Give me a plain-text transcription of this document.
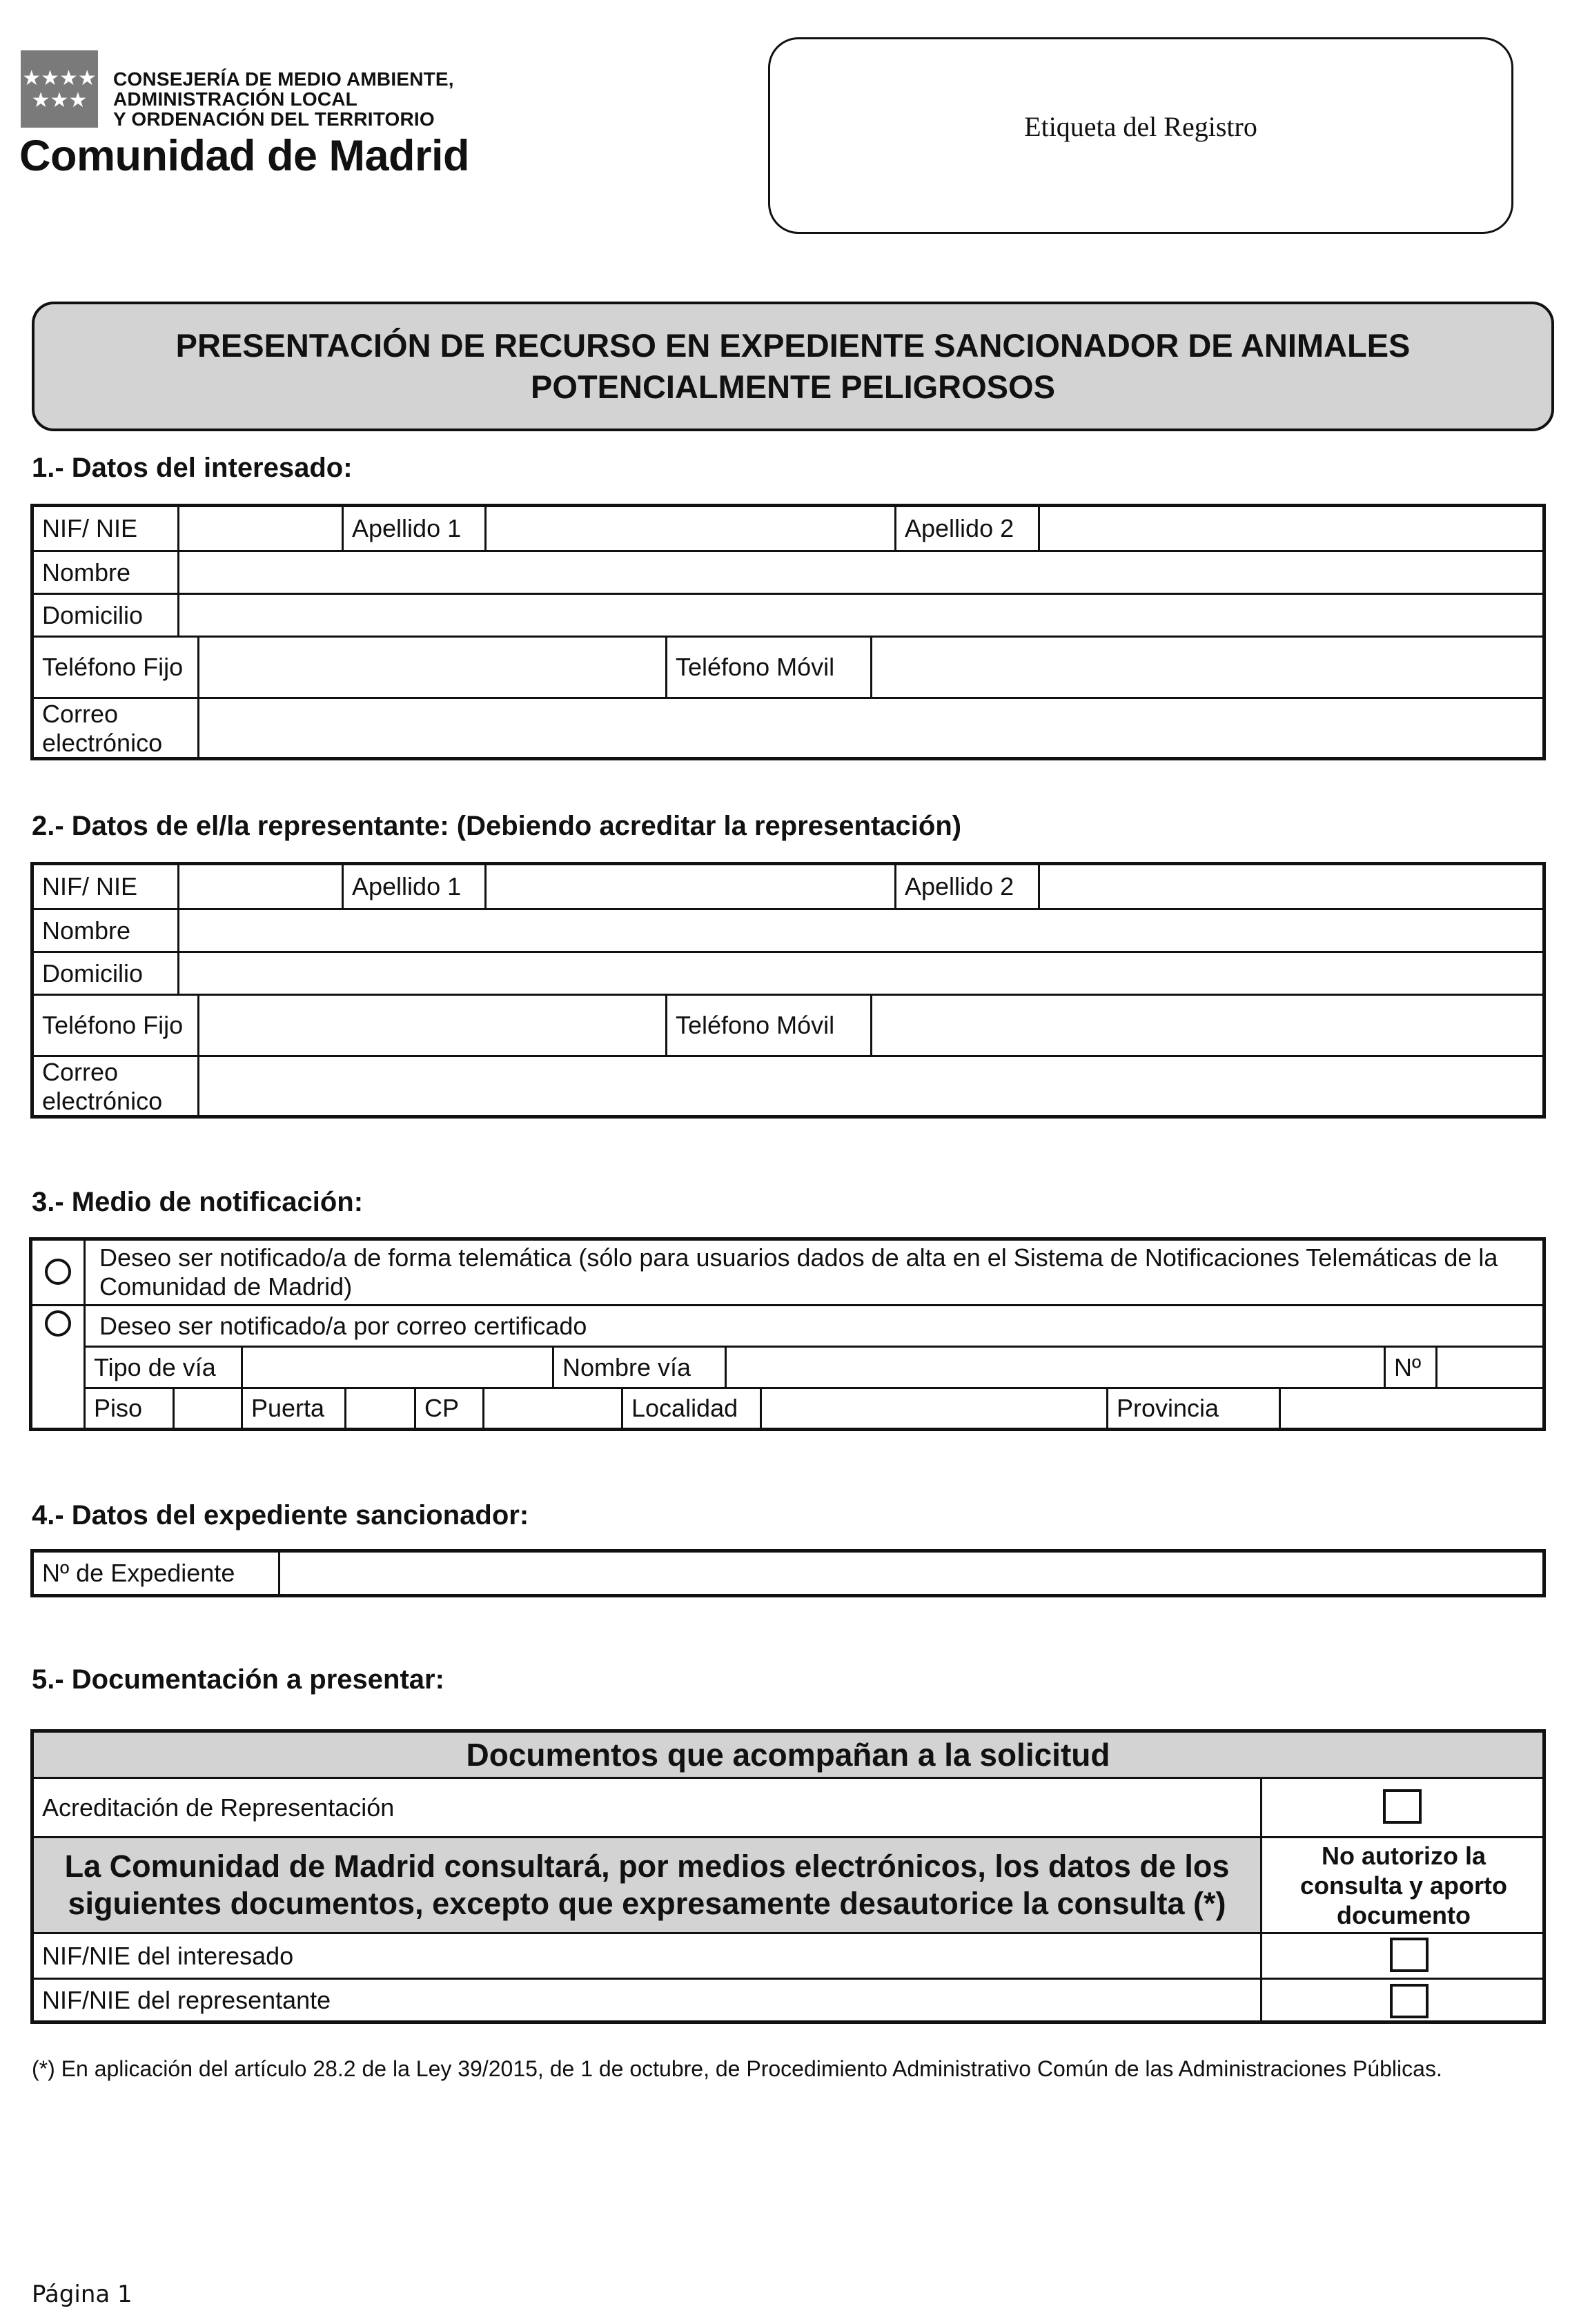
★★★★
★★★
CONSEJERÍA DE MEDIO AMBIENTE,
ADMINISTRACIÓN LOCAL
Y ORDENACIÓN DEL TERRITORIO
Comunidad de Madrid
Etiqueta del Registro
PRESENTACIÓN DE RECURSO EN EXPEDIENTE SANCIONADOR DE ANIMALES
POTENCIALMENTE PELIGROSOS
1.- Datos del interesado:
NIF/ NIE	Apellido 1	Apellido 2
Nombre
Domicilio
Teléfono Fijo	Teléfono Móvil
Correo electrónico
2.- Datos de el/la representante: (Debiendo acreditar la representación)
NIF/ NIE	Apellido 1	Apellido 2
Nombre
Domicilio
Teléfono Fijo	Teléfono Móvil
Correo electrónico
3.- Medio de notificación:
Deseo ser notificado/a de forma telemática (sólo para usuarios dados de alta en el Sistema de Notificaciones Telemáticas de la Comunidad de Madrid)
Deseo ser notificado/a por correo certificado
Tipo de vía	Nombre vía	Nº
Piso	Puerta	CP	Localidad	Provincia
4.- Datos del expediente sancionador:
Nº de Expediente
5.- Documentación a presentar:
Documentos que acompañan a la solicitud
Acreditación de Representación
La Comunidad de Madrid consultará, por medios electrónicos, los datos de los siguientes documentos, excepto que expresamente desautorice la consulta (*)
No autorizo la consulta y aporto documento
NIF/NIE del interesado
NIF/NIE del representante
(*) En aplicación del artículo 28.2 de la Ley 39/2015, de 1 de octubre, de Procedimiento Administrativo Común de las Administraciones Públicas.
Página 1
